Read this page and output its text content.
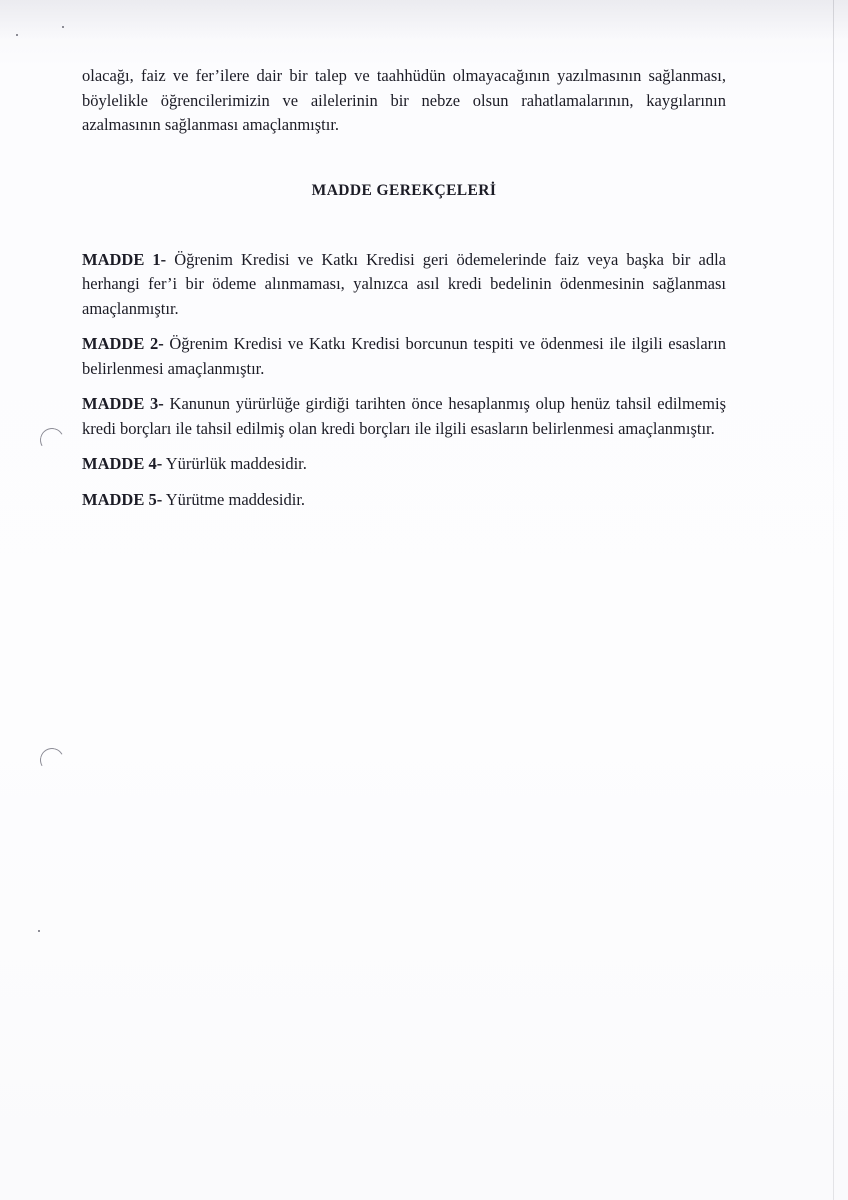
olacağı, faiz ve fer’ilere dair bir talep ve taahhüdün olmayacağının yazılmasının sağlanması, böylelikle öğrencilerimizin ve ailelerinin bir nebze olsun rahatlamalarının, kaygılarının azalmasının sağlanması amaçlanmıştır.

MADDE GEREKÇELERİ

MADDE 1- Öğrenim Kredisi ve Katkı Kredisi geri ödemelerinde faiz veya başka bir adla herhangi fer’i bir ödeme alınmaması, yalnızca asıl kredi bedelinin ödenmesinin sağlanması amaçlanmıştır.

MADDE 2- Öğrenim Kredisi ve Katkı Kredisi borcunun tespiti ve ödenmesi ile ilgili esasların belirlenmesi amaçlanmıştır.

MADDE 3- Kanunun yürürlüğe girdiği tarihten önce hesaplanmış olup henüz tahsil edilmemiş kredi borçları ile tahsil edilmiş olan kredi borçları ile ilgili esasların belirlenmesi amaçlanmıştır.

MADDE 4- Yürürlük maddesidir.

MADDE 5- Yürütme maddesidir.
